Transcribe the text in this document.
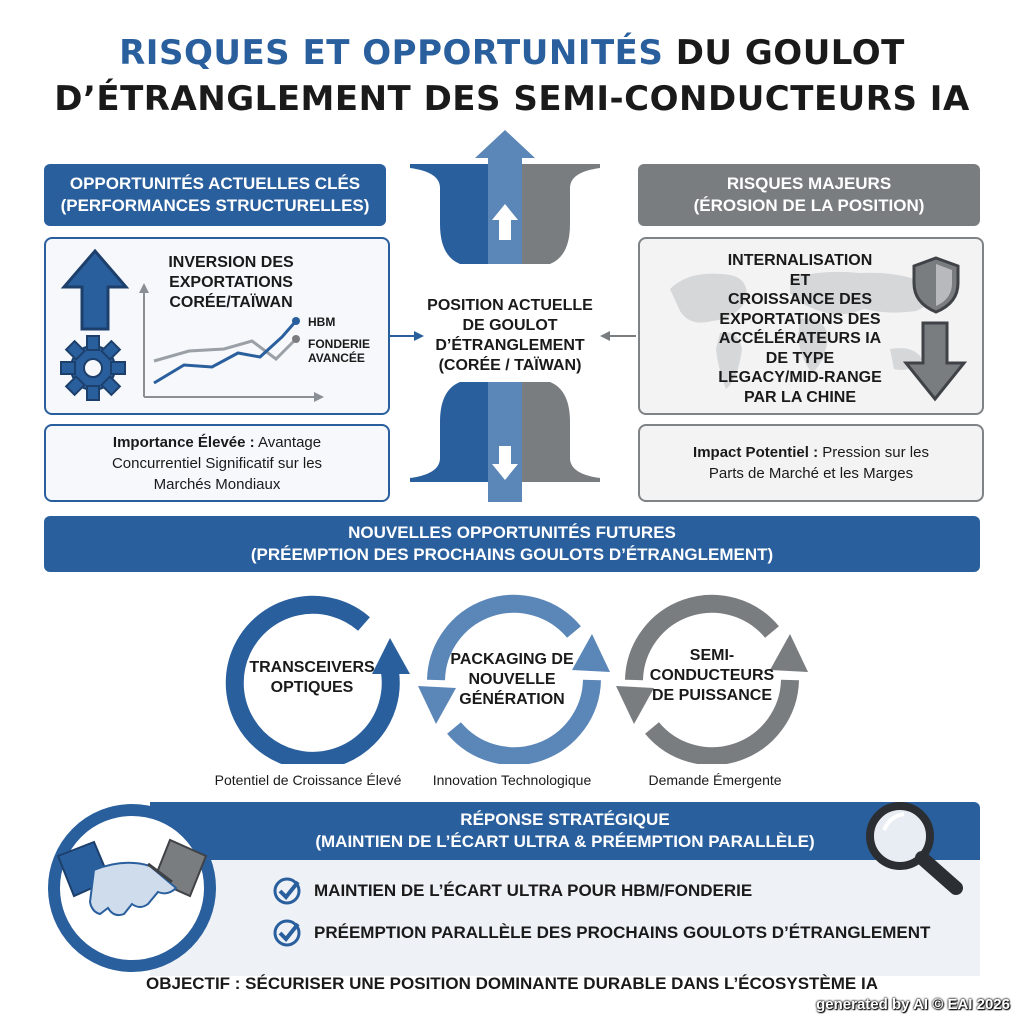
RISQUES ET OPPORTUNITÉS DU GOULOT
D’ÉTRANGLEMENT DES SEMI-CONDUCTEURS IA
POSITION ACTUELLE
DE GOULOT
D’ÉTRANGLEMENT
(CORÉE / TAÏWAN)
OPPORTUNITÉS ACTUELLES CLÉS
(PERFORMANCES STRUCTURELLES)
INVERSION DES
EXPORTATIONS
CORÉE/TAÏWAN
HBM
FONDERIE
AVANCÉE
Importance Élevée : Avantage
Concurrentiel Significatif sur les
Marchés Mondiaux
RISQUES MAJEURS
(ÉROSION DE LA POSITION)
INTERNALISATION
ET
CROISSANCE DES
EXPORTATIONS DES
ACCÉLÉRATEURS IA
DE TYPE
LEGACY/MID-RANGE
PAR LA CHINE
Impact Potentiel : Pression sur les
Parts de Marché et les Marges
NOUVELLES OPPORTUNITÉS FUTURES
(PRÉEMPTION DES PROCHAINS GOULOTS D’ÉTRANGLEMENT)
TRANSCEIVERS
OPTIQUES
PACKAGING DE
NOUVELLE
GÉNÉRATION
SEMI-
CONDUCTEURS
DE PUISSANCE
Potentiel de Croissance Élevé	Innovation Technologique	Demande Émergente
RÉPONSE STRATÉGIQUE
(MAINTIEN DE L’ÉCART ULTRA & PRÉEMPTION PARALLÈLE)
MAINTIEN DE L’ÉCART ULTRA POUR HBM/FONDERIE
PRÉEMPTION PARALLÈLE DES PROCHAINS GOULOTS D’ÉTRANGLEMENT
OBJECTIF : SÉCURISER UNE POSITION DOMINANTE DURABLE DANS L’ÉCOSYSTÈME IA
generated by AI © EAI 2026
